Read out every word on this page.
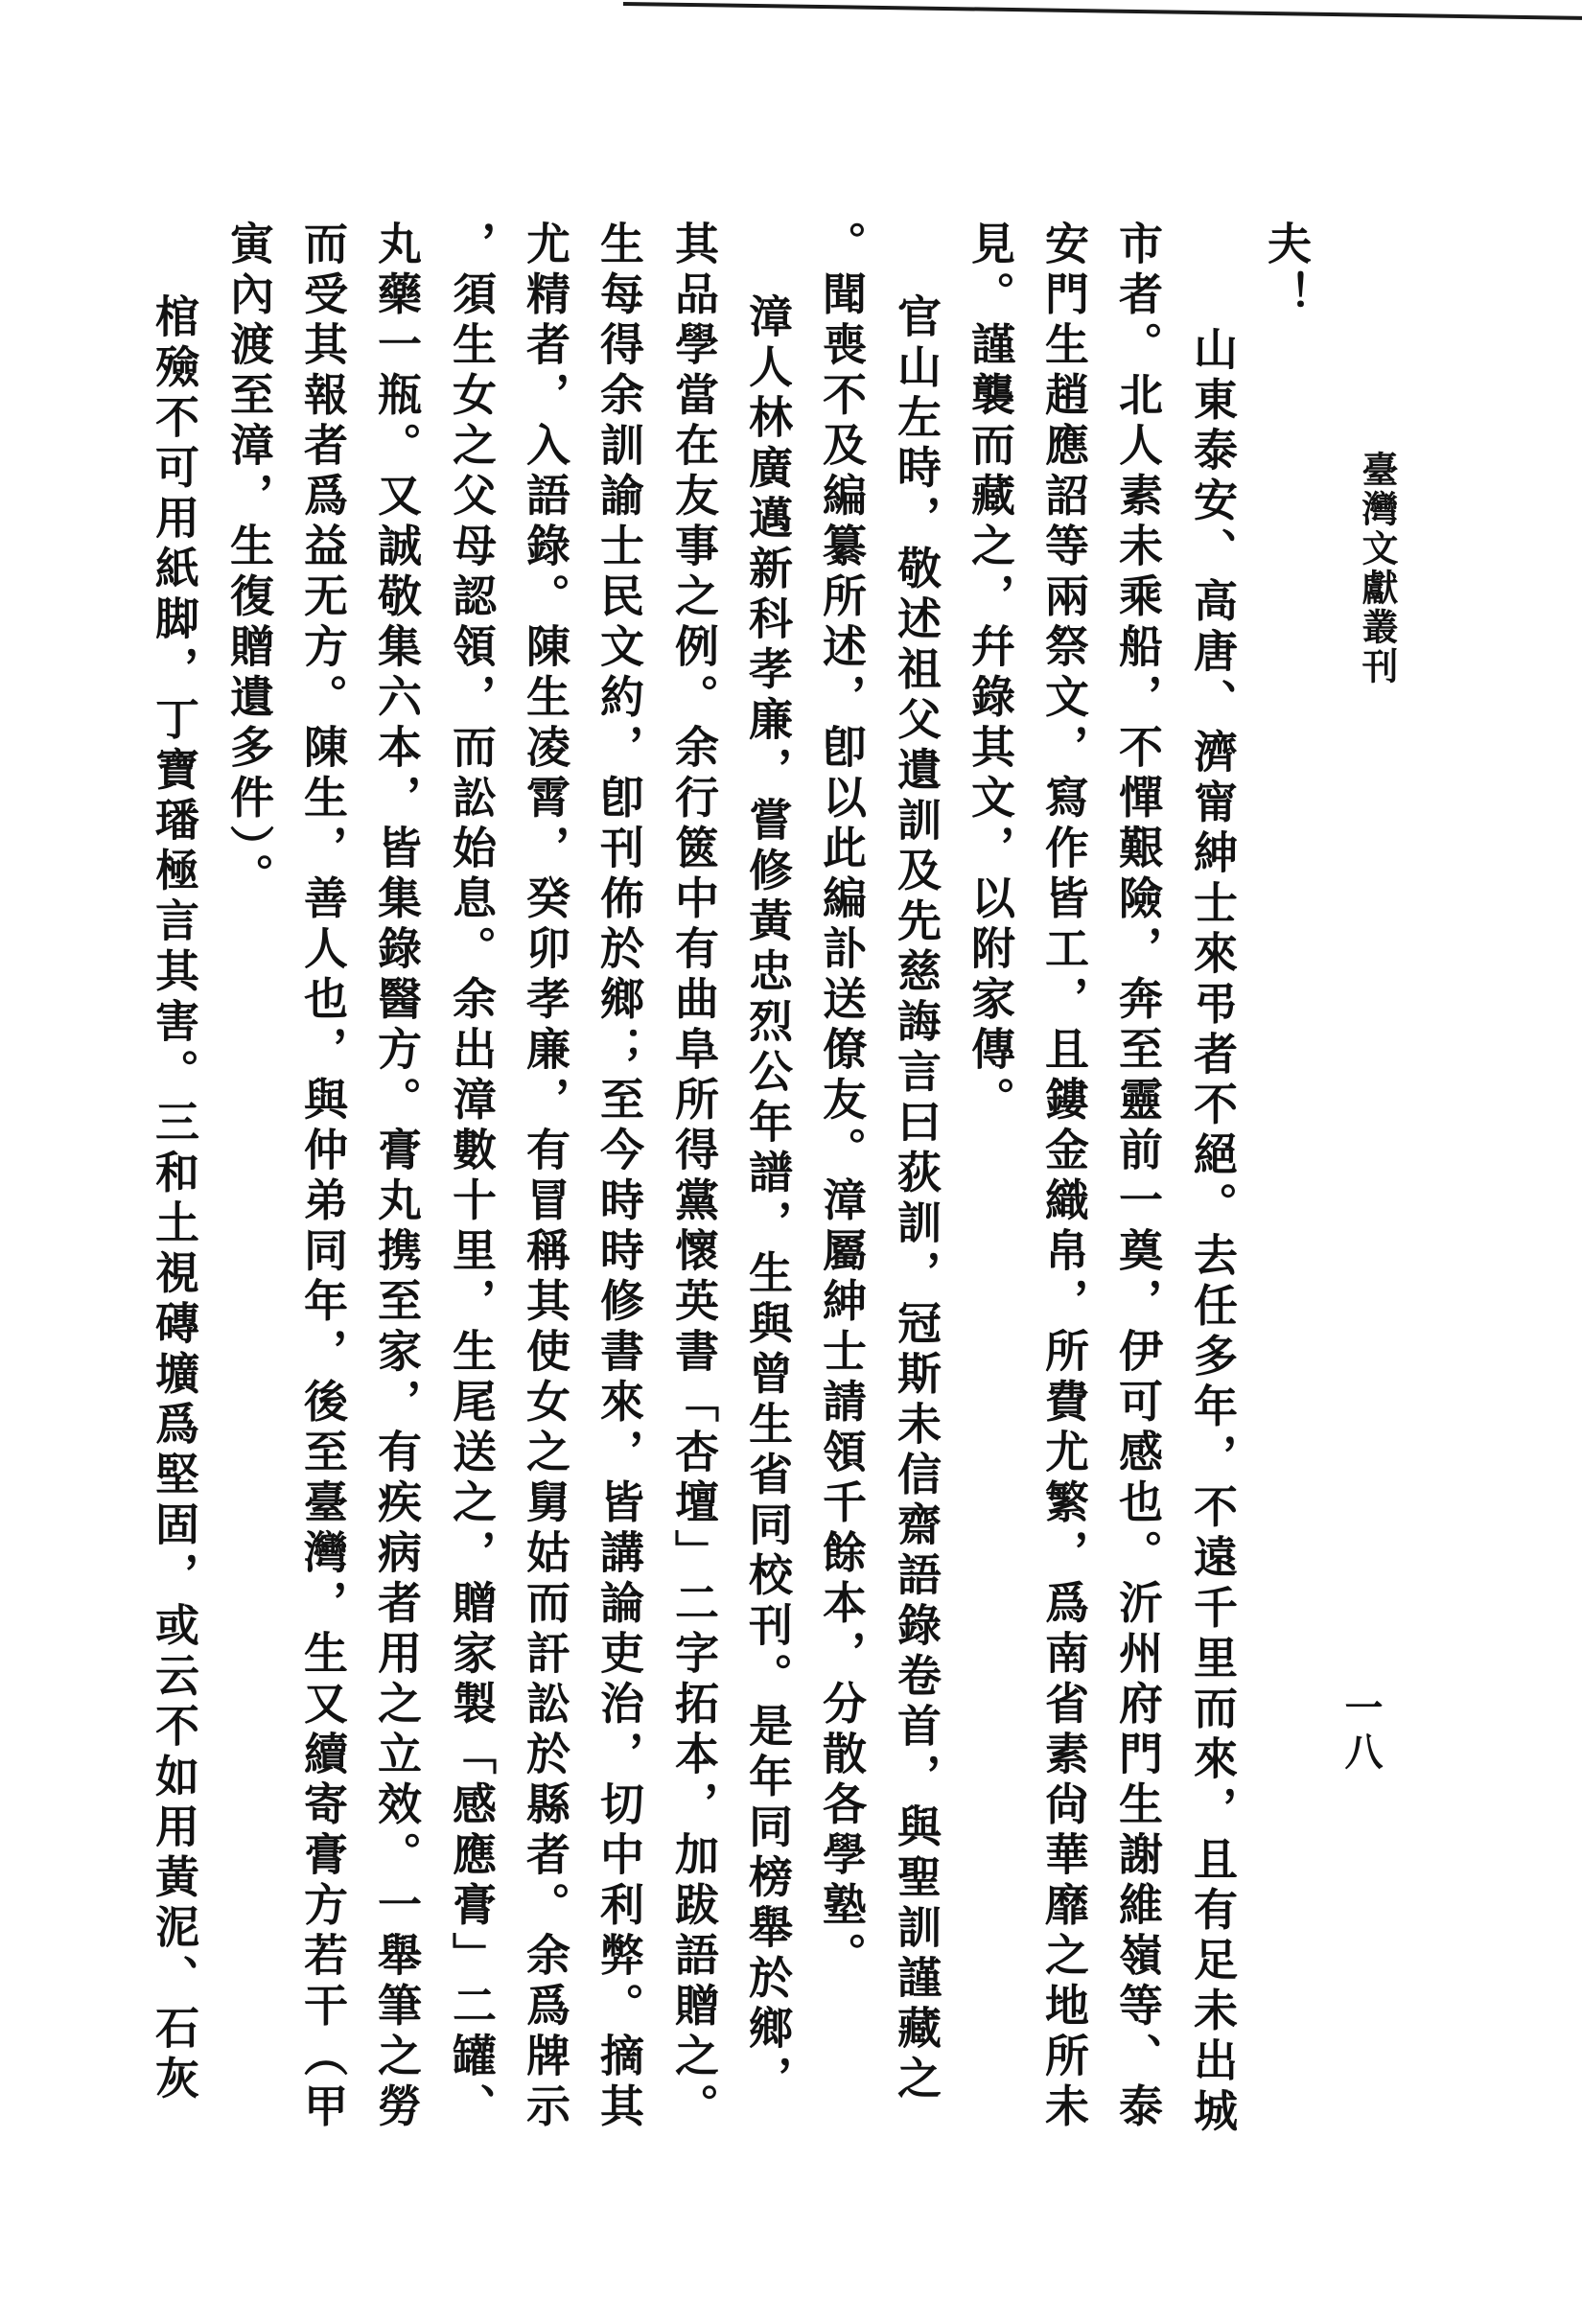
臺灣文獻叢刊
一八
夫！
山東泰安、高唐、濟甯紳士來弔者不絕。去任多年，不遠千里而來，且有足未出城
市者。北人素未乘船，不憚艱險，奔至靈前一奠，伊可感也。沂州府門生謝維嶺等、泰
安門生趙應詔等兩祭文，寫作皆工，且鏤金織帛，所費尤繁，爲南省素尙華靡之地所未
見。謹襲而藏之，幷錄其文，以附家傳。
官山左時，敬述祖父遺訓及先慈誨言曰荻訓，冠斯未信齋語錄卷首，與聖訓謹藏之
。聞喪不及編纂所述，卽以此編訃送僚友。漳屬紳士請領千餘本，分散各學塾。
漳人林廣邁新科孝廉，嘗修黃忠烈公年譜，生與曾生省同校刊。是年同榜舉於鄉，
其品學當在友事之例。余行篋中有曲阜所得黨懷英書「杏壇」二字拓本，加跋語贈之。
生每得余訓諭士民文約，卽刊佈於鄉；至今時時修書來，皆講論吏治，切中利弊。摘其
尤精者，入語錄。陳生凌霄，癸卯孝廉，有冒稱其使女之舅姑而訐訟於縣者。余爲牌示
，須生女之父母認領，而訟始息。余出漳數十里，生尾送之，贈家製「感應膏」二罐、
丸藥一瓶。又誠敬集六本，皆集錄醫方。膏丸携至家，有疾病者用之立效。一舉筆之勞
而受其報者爲益无方。陳生，善人也，與仲弟同年，後至臺灣，生又續寄膏方若干（甲
寅內渡至漳，生復贈遺多件）。
棺殮不可用紙脚，丁寶璠極言其害。三和土視磚壙爲堅固，或云不如用黃泥、石灰
